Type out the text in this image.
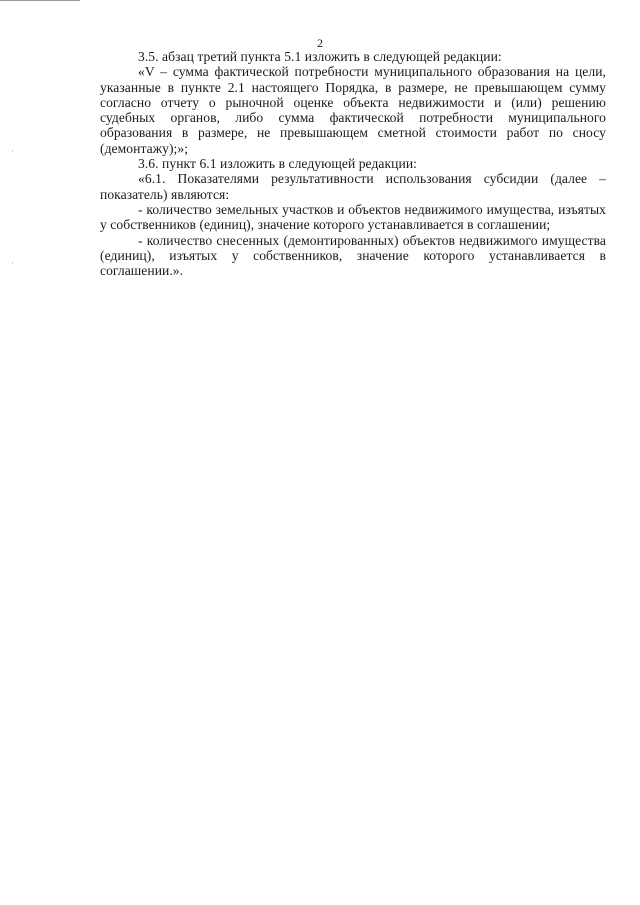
2

3.5. абзац третий пункта 5.1 изложить в следующей редакции:

«V – сумма фактической потребности муниципального образования на цели, указанные в пункте 2.1 настоящего Порядка, в размере, не превышающем сумму согласно отчету о рыночной оценке объекта недвижимости и (или) решению судебных органов, либо сумма фактической потребности муниципального образования в размере, не превышающем сметной стоимости работ по сносу (демонтажу);»;

3.6. пункт 6.1 изложить в следующей редакции:

«6.1. Показателями результативности использования субсидии (далее – показатель) являются:

- количество земельных участков и объектов недвижимого имущества, изъятых у собственников (единиц), значение которого устанавливается в соглашении;

- количество снесенных (демонтированных) объектов недвижимого имущества (единиц), изъятых у собственников, значение которого устанавливается в соглашении.».
